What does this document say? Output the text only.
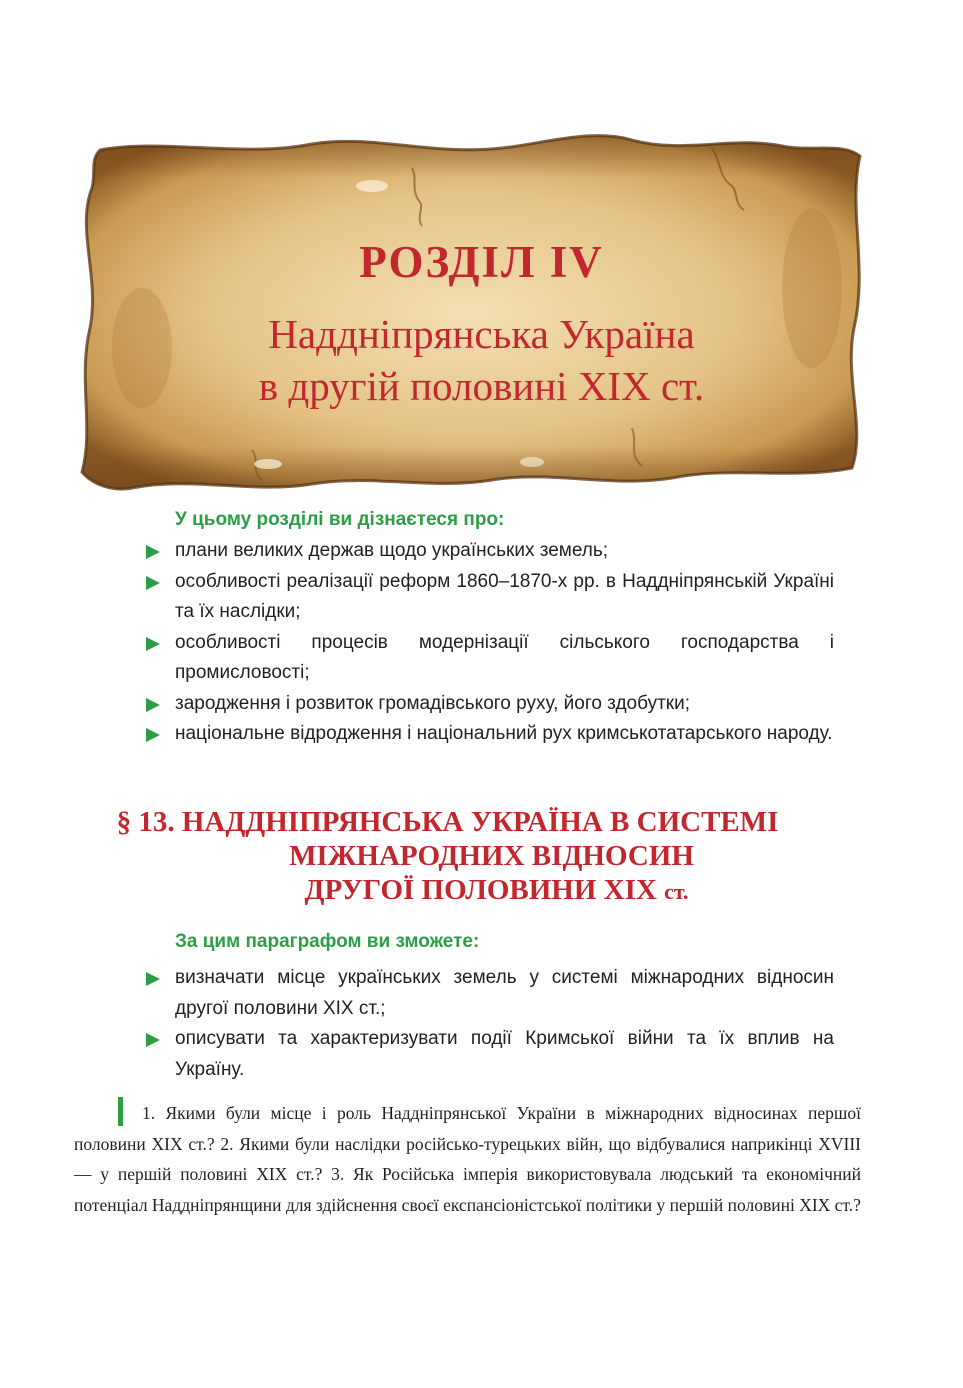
РОЗДІЛ IV
Наддніпрянська Україна
в другій половині XIX ст.
У цьому розділі ви дізнаєтеся про:
плани великих держав щодо українських земель;
особливості реалізації реформ 1860–1870-х рр. в Наддніпрянській Україні та їх наслідки;
особливості процесів модернізації сільського господарства і промисловості;
зародження і розвиток громадівського руху, його здобутки;
національне відродження і національний рух кримськотатарського народу.
§ 13. НАДДНІПРЯНСЬКА УКРАЇНА В СИСТЕМІ
МІЖНАРОДНИХ ВІДНОСИН
ДРУГОЇ ПОЛОВИНИ XIX ст.
За цим параграфом ви зможете:
визначати місце українських земель у системі міжнародних відносин другої половини XIX ст.;
описувати та характеризувати події Кримської війни та їх вплив на Україну.

1. Якими були місце і роль Наддніпрянської України в міжнародних відносинах першої половини XIX ст.? 2. Якими були наслідки російсько-турецьких війн, що відбувалися наприкінці XVIII — у першій половині XIX ст.? 3. Як Російська імперія використовувала людський та економічний потенціал Наддніпрянщини для здійснення своєї експансіоністської політики у першій половині XIX ст.?
